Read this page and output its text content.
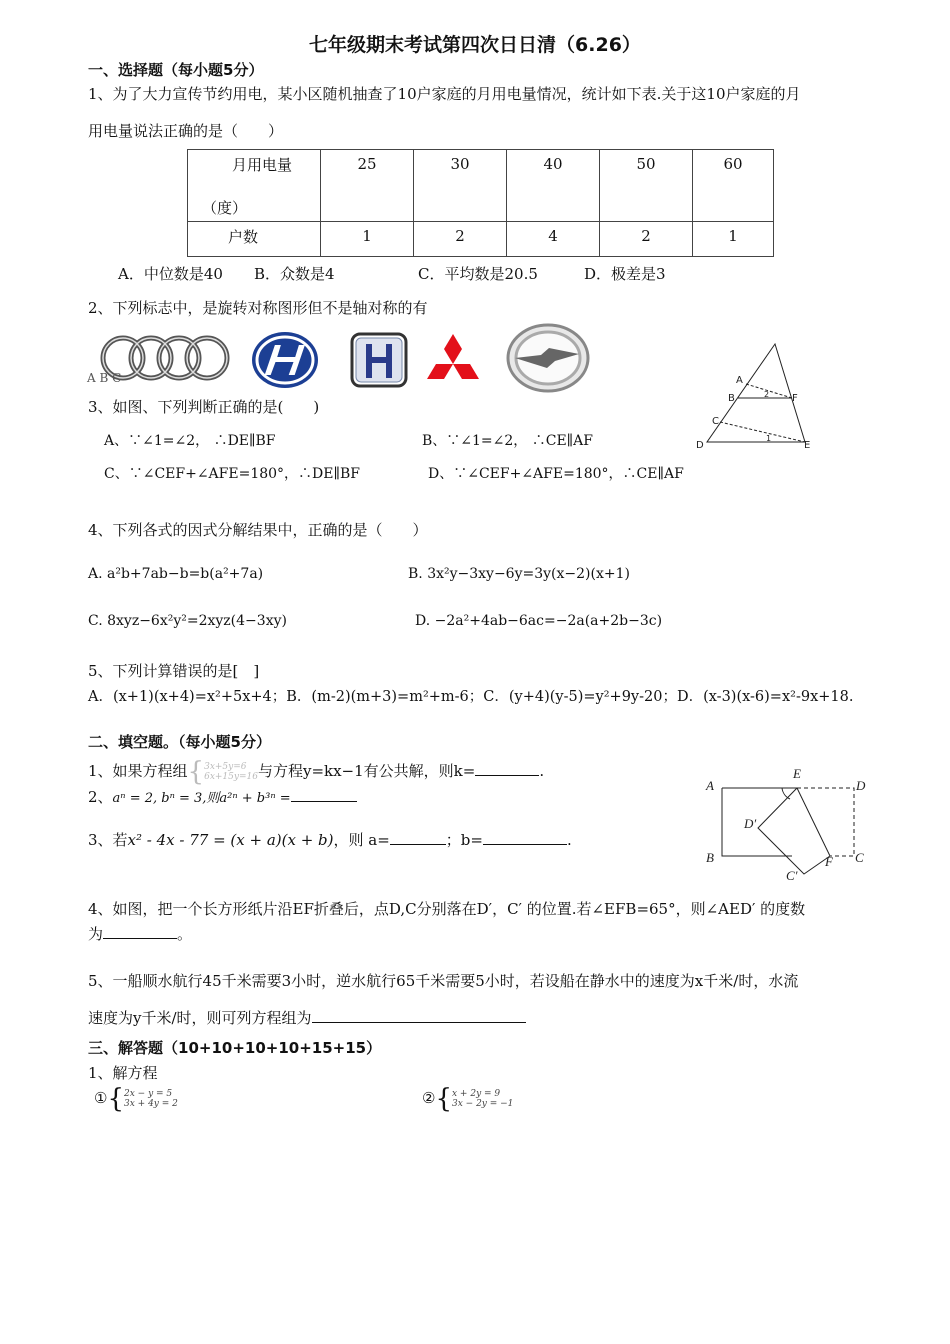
七年级期末考试第四次日日清（6.26）
一、选择题（每小题5分）
1、为了大力宣传节约用电，某小区随机抽查了10户家庭的月用电量情况，统计如下表.关于这10户家庭的月
用电量说法正确的是（　　）
月用电量
（度）	25	30	40	50	60

户数	1	2	4	2	1
A．中位数是40 B．众数是4	C．平均数是20.5	D．极差是3
2、下列标志中，是旋转对称图形但不是轴对称的有
A B C
3、如图、下列判断正确的是(　　)
A、∵∠1=∠2， ∴DE∥BF	B、∵∠1=∠2， ∴CE∥AF
C、∵∠CEF+∠AFE=180°，∴DE∥BF	D、∵∠CEF+∠AFE=180°，∴CE∥AF
A
B	F
C
D	E
1
2
4、下列各式的因式分解结果中，正确的是（　　）
A. a²b+7ab−b=b(a²+7a)	B. 3x²y−3xy−6y=3y(x−2)(x+1)
C. 8xyz−6x²y²=2xyz(4−3xy)	D. −2a²+4ab−6ac=−2a(a+2b−3c)
5、下列计算错误的是[　]
A．(x+1)(x+4)=x²+5x+4；B．(m-2)(m+3)=m²+m-6；C．(y+4)(y-5)=y²+9y-20；D．(x-3)(x-6)=x²-9x+18.
二、填空题。（每小题5分）
1、如果方程组{3x+5y=6
6x+15y=16与方程y=kx−1有公共解，则k=	.
2、aⁿ = 2, bⁿ = 3,则a²ⁿ + b³ⁿ =
3、若x² - 4x - 77 = (x + a)(x + b)，则 a=	；b=	.
A
E
D
D′
B	F C
C′
4、如图，把一个长方形纸片沿EF折叠后，点D,C分别落在D′，C′ 的位置.若∠EFB=65°，则∠AED′ 的度数
为	。
5、一船顺水航行45千米需要3小时，逆水航行65千米需要5小时，若设船在静水中的速度为x千米/时，水流
速度为y千米/时，则可列方程组为
三、解答题（10+10+10+10+15+15）
1、解方程
①{2x − y = 5
3x + 4y = 2	②{x + 2y = 9
3x − 2y = −1
